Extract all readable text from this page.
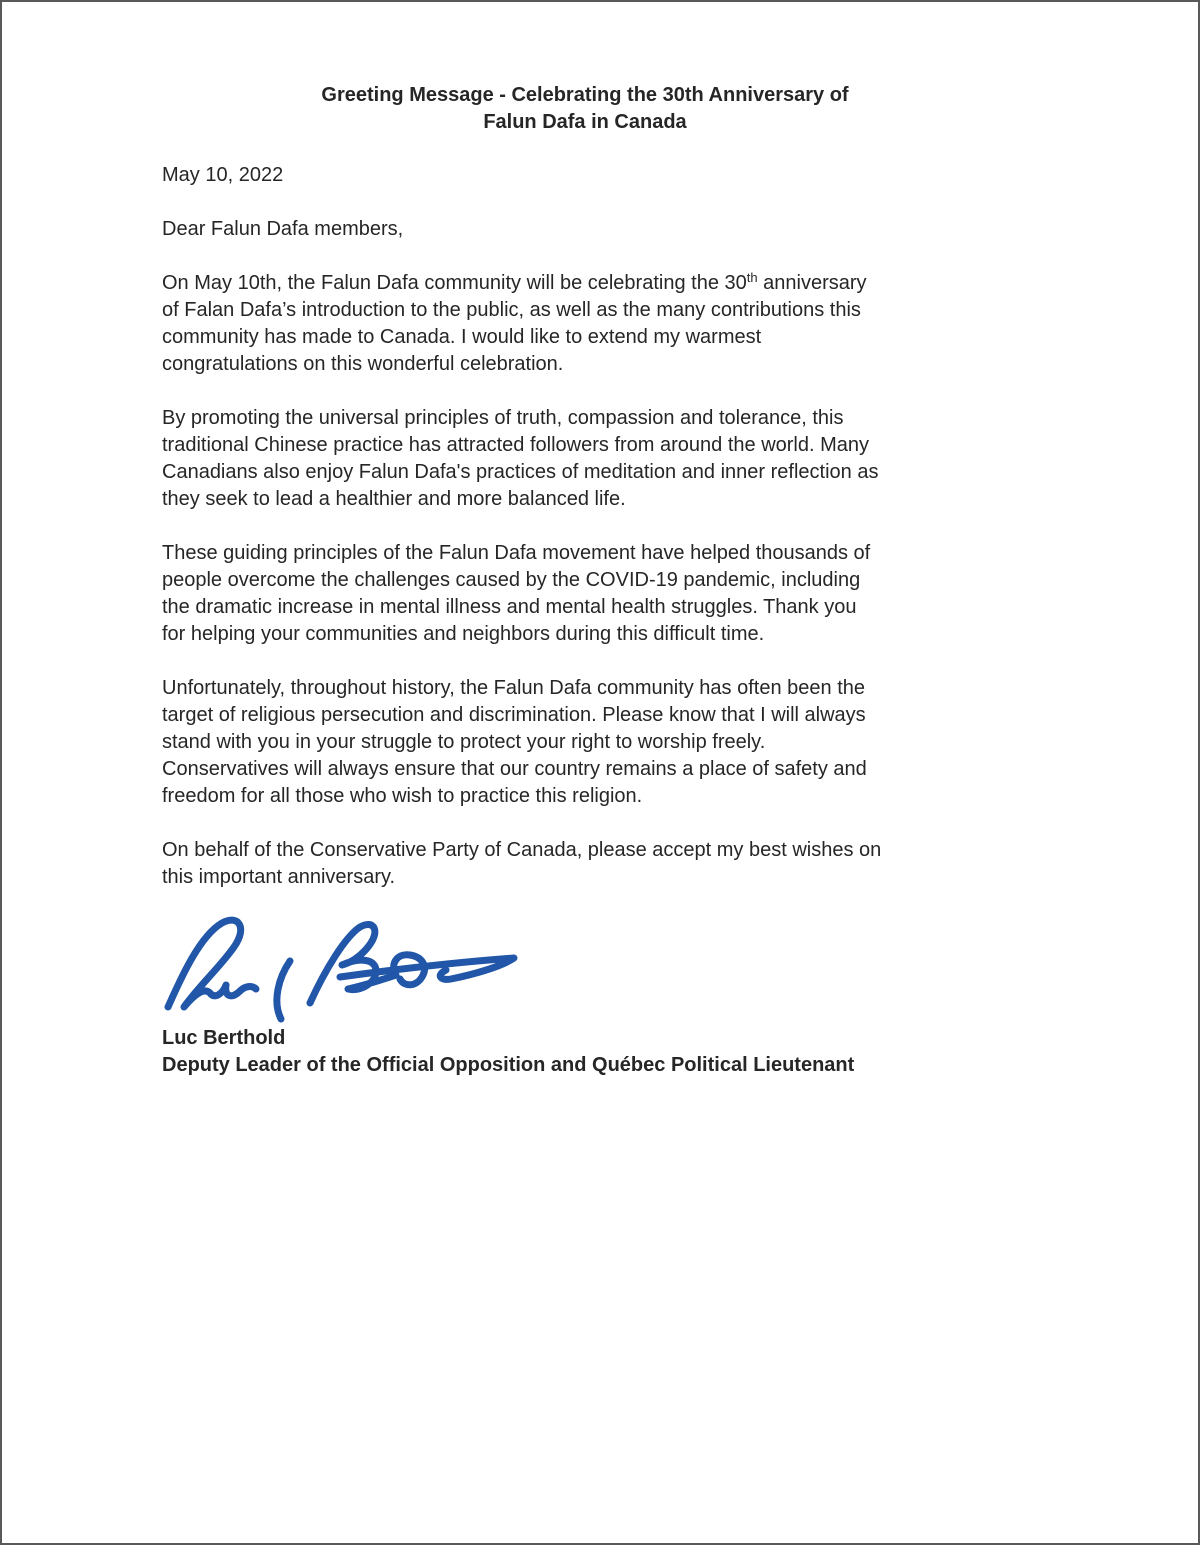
Greeting Message - Celebrating the 30th Anniversary of
Falun Dafa in Canada
May 10, 2022
Dear Falun Dafa members,
On May 10th, the Falun Dafa community will be celebrating the 30th anniversary
of Falan Dafa’s introduction to the public, as well as the many contributions this
community has made to Canada. I would like to extend my warmest
congratulations on this wonderful celebration.
By promoting the universal principles of truth, compassion and tolerance, this
traditional Chinese practice has attracted followers from around the world. Many
Canadians also enjoy Falun Dafa's practices of meditation and inner reflection as
they seek to lead a healthier and more balanced life.
These guiding principles of the Falun Dafa movement have helped thousands of
people overcome the challenges caused by the COVID-19 pandemic, including
the dramatic increase in mental illness and mental health struggles. Thank you
for helping your communities and neighbors during this difficult time.
Unfortunately, throughout history, the Falun Dafa community has often been the
target of religious persecution and discrimination. Please know that I will always
stand with you in your struggle to protect your right to worship freely.
Conservatives will always ensure that our country remains a place of safety and
freedom for all those who wish to practice this religion.
On behalf of the Conservative Party of Canada, please accept my best wishes on
this important anniversary.
Luc Berthold
Deputy Leader of the Official Opposition and Québec Political Lieutenant
